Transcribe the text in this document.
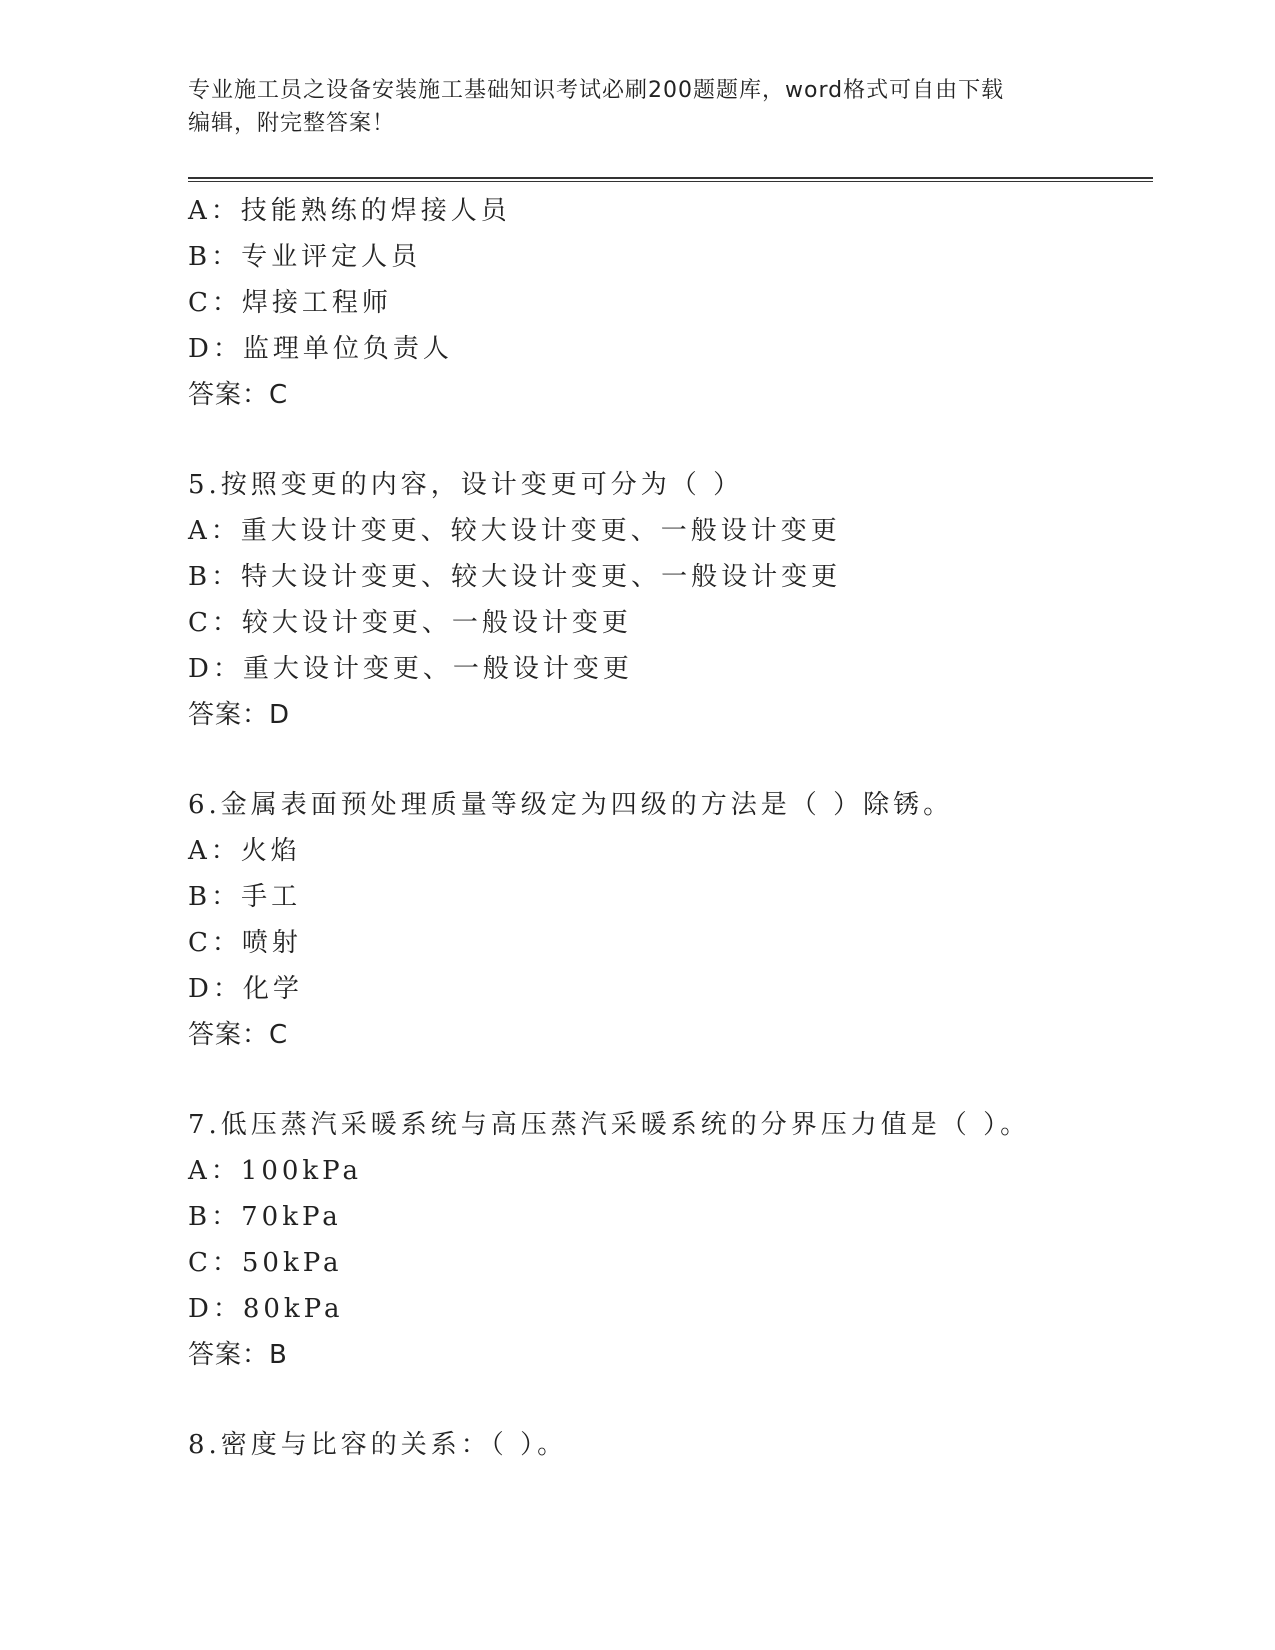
专业施工员之设备安装施工基础知识考试必刷200题题库，word格式可自由下载
编辑，附完整答案！
A：技能熟练的焊接人员
B：专业评定人员
C：焊接工程师
D：监理单位负责人
答案：C
5.按照变更的内容，设计变更可分为（ ）
A：重大设计变更、较大设计变更、一般设计变更
B：特大设计变更、较大设计变更、一般设计变更
C：较大设计变更、一般设计变更
D：重大设计变更、一般设计变更
答案：D
6.金属表面预处理质量等级定为四级的方法是（ ）除锈。
A：火焰
B：手工
C：喷射
D：化学
答案：C
7.低压蒸汽采暖系统与高压蒸汽采暖系统的分界压力值是（ ）。
A：100kPa
B：70kPa
C：50kPa
D：80kPa
答案：B
8.密度与比容的关系：（ ）。
